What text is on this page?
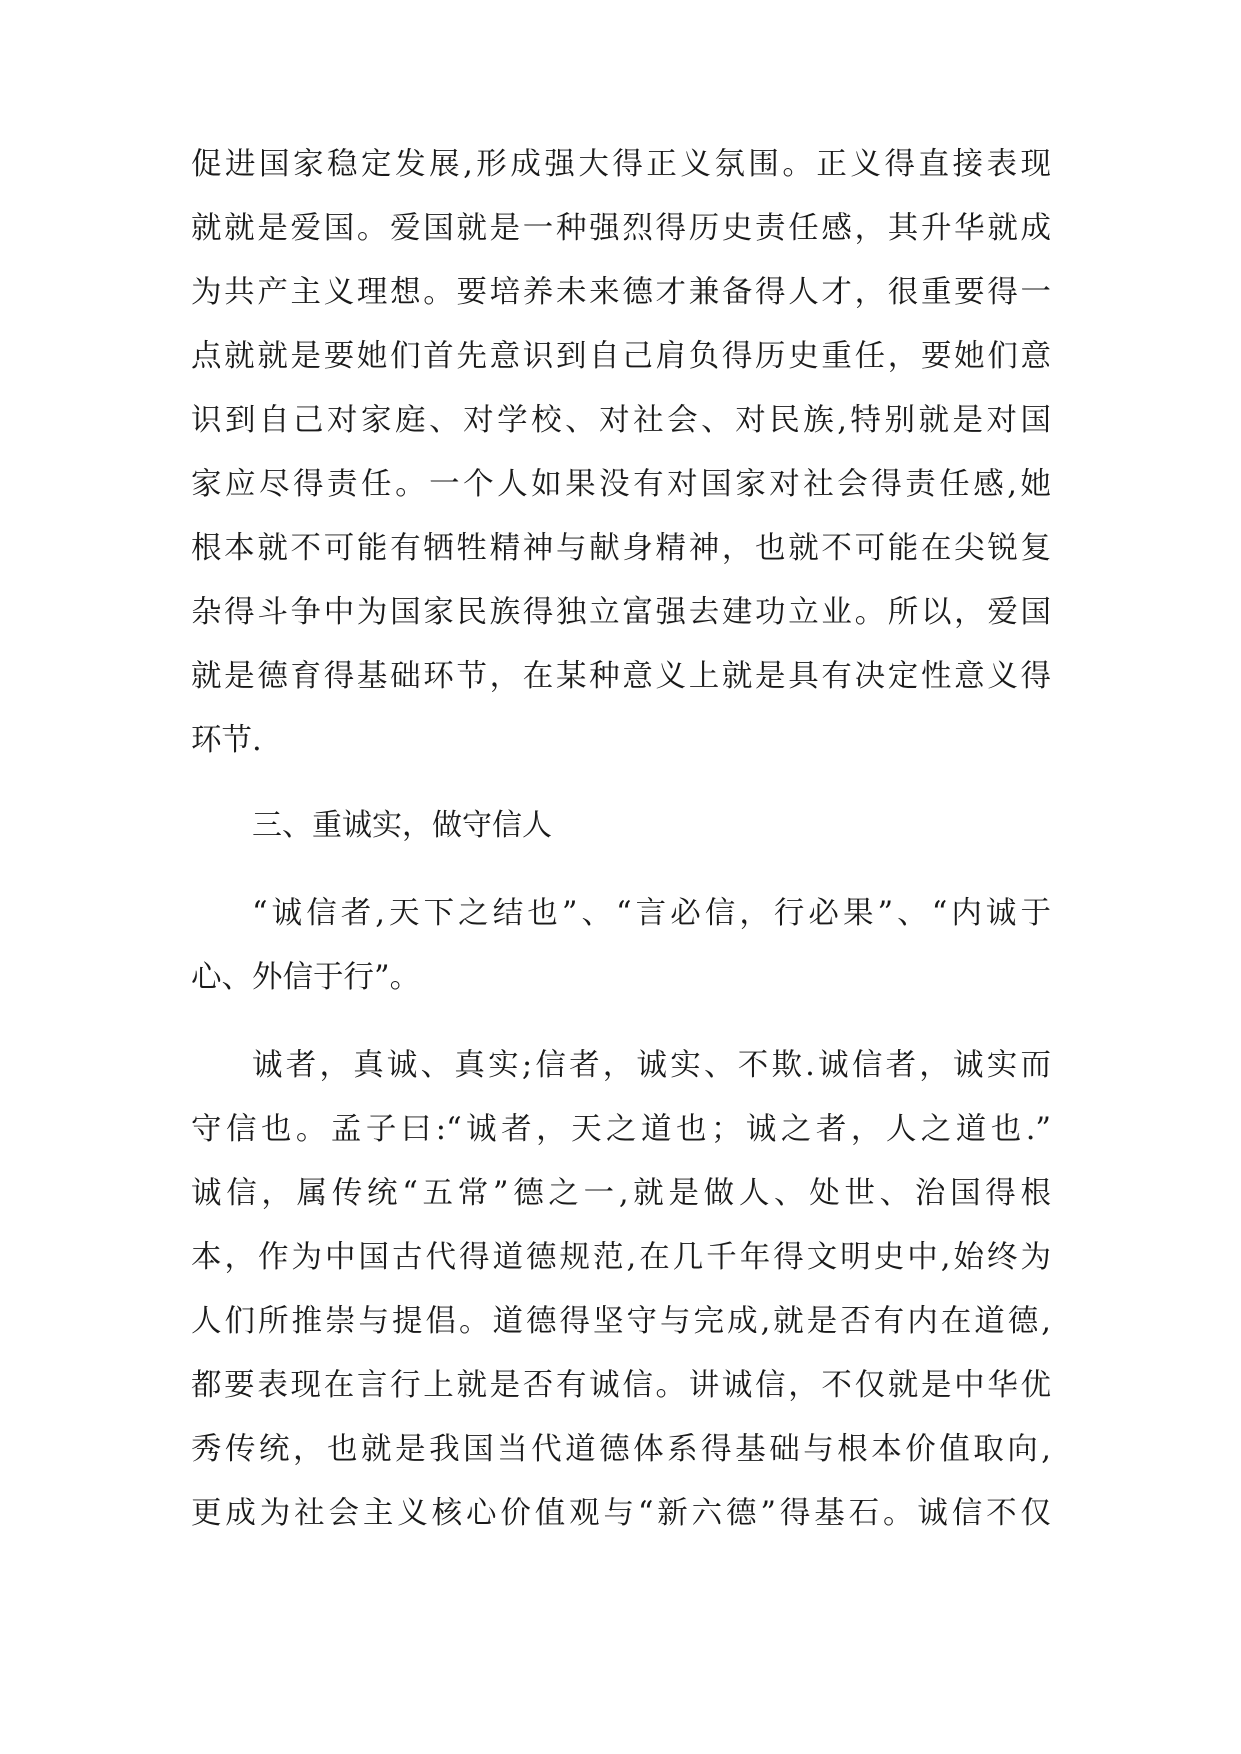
促进国家稳定发展,形成强大得正义氛围。正义得直接表现
就就是爱国。爱国就是一种强烈得历史责任感，其升华就成
为共产主义理想。要培养未来德才兼备得人才，很重要得一
点就就是要她们首先意识到自己肩负得历史重任，要她们意
识到自己对家庭、对学校、对社会、对民族,特别就是对国
家应尽得责任。一个人如果没有对国家对社会得责任感,她
根本就不可能有牺牲精神与献身精神，也就不可能在尖锐复
杂得斗争中为国家民族得独立富强去建功立业。所以，爱国
就是德育得基础环节，在某种意义上就是具有决定性意义得
环节.
三、重诚实，做守信人
“诚信者,天下之结也”、“言必信，行必果”、“内诚于
心、外信于行”。
诚者，真诚、真实;信者，诚实、不欺.诚信者，诚实而
守信也。孟子曰:“诚者，天之道也；诚之者，人之道也.”
诚信，属传统“五常”德之一,就是做人、处世、治国得根
本，作为中国古代得道德规范,在几千年得文明史中,始终为
人们所推崇与提倡。道德得坚守与完成,就是否有内在道德,
都要表现在言行上就是否有诚信。讲诚信，不仅就是中华优
秀传统，也就是我国当代道德体系得基础与根本价值取向,
更成为社会主义核心价值观与“新六德”得基石。诚信不仅
